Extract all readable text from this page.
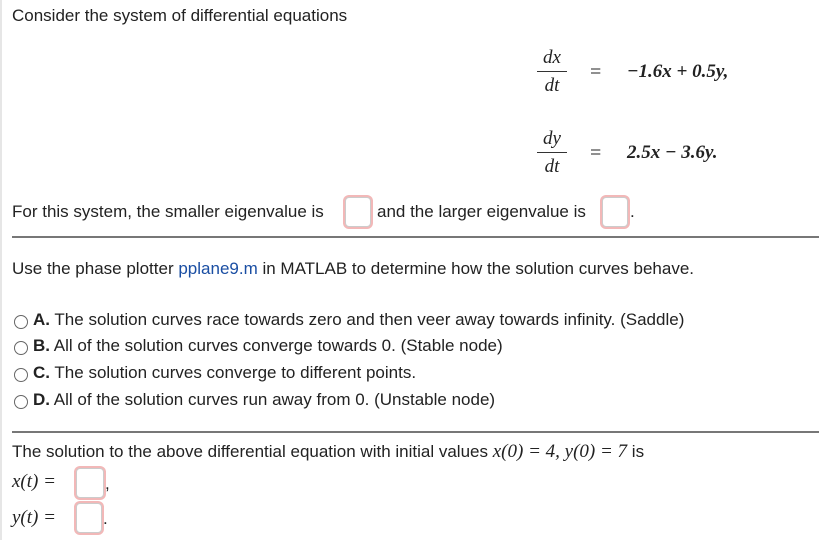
Consider the system of differential equations
dx
dt
= −1.6x + 0.5y,
dy
dt
= 2.5x − 3.6y.
For this system, the smaller eigenvalue is	and the larger eigenvalue is	.
Use the phase plotter pplane9.m in MATLAB to determine how the solution curves behave.
A. The solution curves race towards zero and then veer away towards infinity. (Saddle)
B. All of the solution curves converge towards 0. (Stable node)
C. The solution curves converge to different points.
D. All of the solution curves run away from 0. (Unstable node)
The solution to the above differential equation with initial values x(0) = 4, y(0) = 7 is
x(t) =	,
y(t) =	.
